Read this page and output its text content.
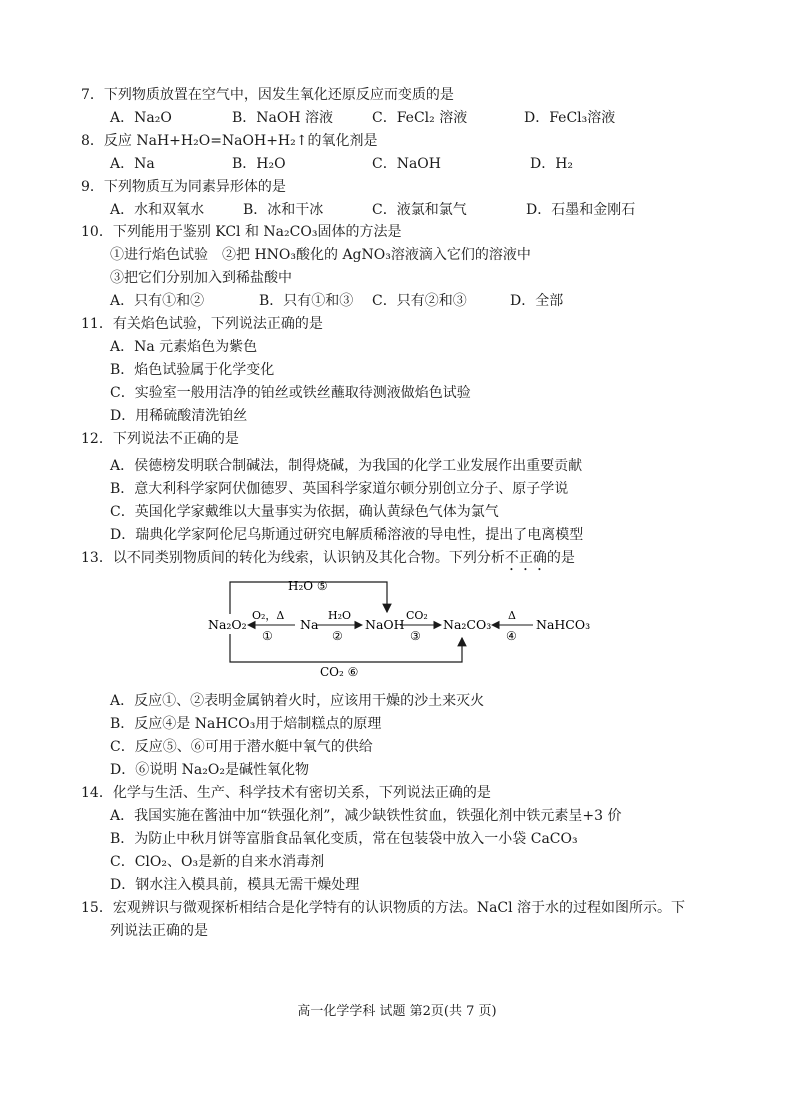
7．下列物质放置在空气中，因发生氧化还原反应而变质的是
A．Na₂O	B．NaOH 溶液	C．FeCl₂ 溶液	D．FeCl₃溶液
8．反应 NaH+H₂O=NaOH+H₂↑的氧化剂是
A．Na	B．H₂O	C．NaOH	D．H₂
9．下列物质互为同素异形体的是
A．水和双氧水	B．冰和干冰	C．液氯和氯气	D．石墨和金刚石
10．下列能用于鉴别 KCl 和 Na₂CO₃固体的方法是
①进行焰色试验　②把 HNO₃酸化的 AgNO₃溶液滴入它们的溶液中
③把它们分别加入到稀盐酸中
A．只有①和②	B．只有①和③ C．只有②和③	D．全部
11．有关焰色试验，下列说法正确的是
A．Na 元素焰色为紫色
B．焰色试验属于化学变化
C．实验室一般用洁净的铂丝或铁丝蘸取待测液做焰色试验
D．用稀硫酸清洗铂丝
12．下列说法不正确的是
A．侯德榜发明联合制碱法，制得烧碱，为我国的化学工业发展作出重要贡献
B．意大利科学家阿伏伽德罗、英国科学家道尔顿分别创立分子、原子学说
C．英国化学家戴维以大量事实为依据，确认黄绿色气体为氯气
D．瑞典化学家阿伦尼乌斯通过研究电解质稀溶液的导电性，提出了电离模型
13．以不同类别物质间的转化为线索，认识钠及其化合物。下列分析不正确的是
H₂O ⑤
CO₂ ⑥
Na₂O₂	Na	NaOH	Na₂CO₃	NaHCO₃
O₂，Δ
①
H₂O
②
CO₂
③
Δ
④
A．反应①、②表明金属钠着火时，应该用干燥的沙土来灭火
B．反应④是 NaHCO₃用于焙制糕点的原理
C．反应⑤、⑥可用于潜水艇中氧气的供给
D．⑥说明 Na₂O₂是碱性氧化物
14．化学与生活、生产、科学技术有密切关系，下列说法正确的是
A．我国实施在酱油中加“铁强化剂”，减少缺铁性贫血，铁强化剂中铁元素呈+3 价
B．为防止中秋月饼等富脂食品氧化变质，常在包装袋中放入一小袋 CaCO₃
C．ClO₂、O₃是新的自来水消毒剂
D．钢水注入模具前，模具无需干燥处理
15．宏观辨识与微观探析相结合是化学特有的认识物质的方法。NaCl 溶于水的过程如图所示。下
列说法正确的是
高一化学学科 试题 第2页(共 7 页)
